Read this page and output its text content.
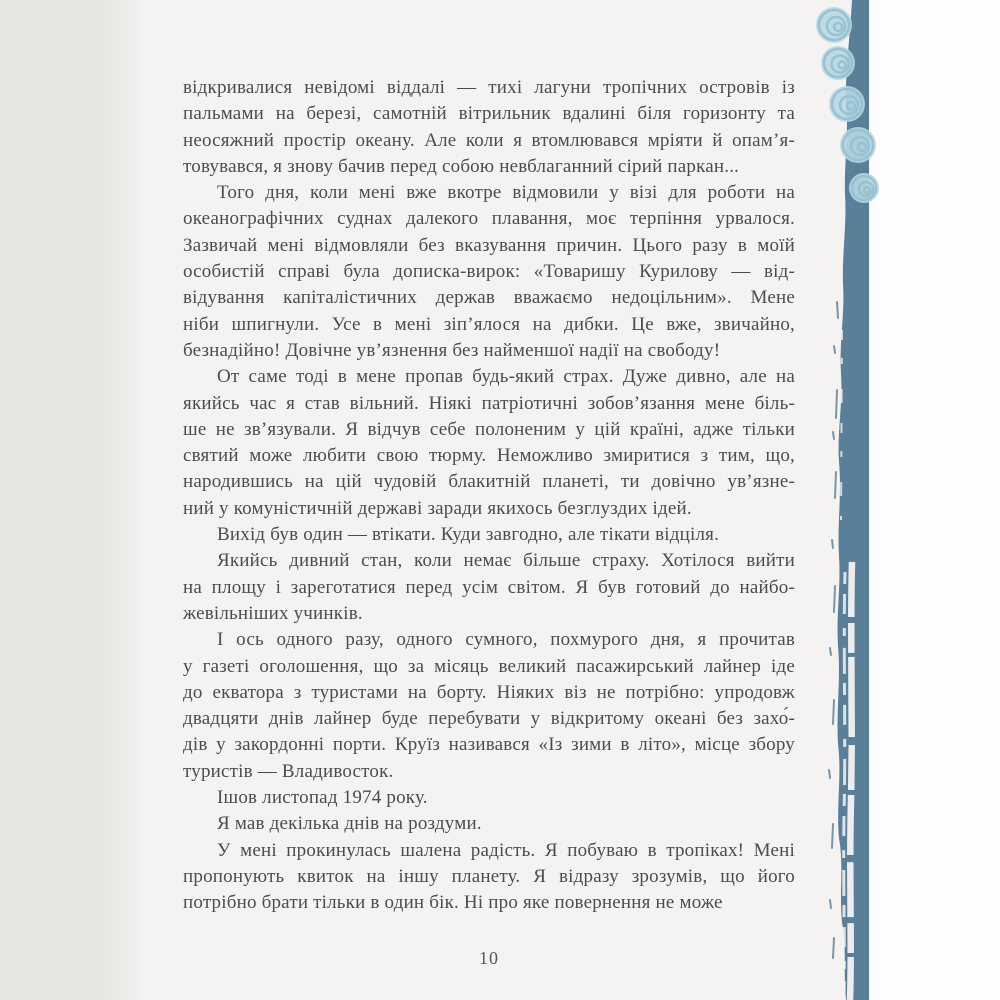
відкривалися невідомі віддалі — тихі лагуни тропічних островів із
пальмами на березі, самотній вітрильник вдалині біля горизонту та
неосяжний простір океану. Але коли я втомлювався мріяти й опам’я-
товувався, я знову бачив перед собою невблаганний сірий паркан...
Того дня, коли мені вже вкотре відмовили у візі для роботи на
океанографічних суднах далекого плавання, моє терпіння урвалося.
Зазвичай мені відмовляли без вказування причин. Цього разу в моїй
особистій справі була дописка-вирок: «Товаришу Курилову — від-
відування капіталістичних держав вважаємо недоцільним». Мене
ніби шпигнули. Усе в мені зіп’ялося на дибки. Це вже, звичайно,
безнадійно! Довічне ув’язнення без найменшої надії на свободу!
От саме тоді в мене пропав будь-який страх. Дуже дивно, але на
якийсь час я став вільний. Ніякі патріотичні зобов’язання мене біль-
ше не зв’язували. Я відчув себе полоненим у цій країні, адже тільки
святий може любити свою тюрму. Неможливо змиритися з тим, що,
народившись на цій чудовій блакитній планеті, ти довічно ув’язне-
ний у комуністичній державі заради якихось безглуздих ідей.
Вихід був один — втікати. Куди завгодно, але тікати відціля.
Якийсь дивний стан, коли немає більше страху. Хотілося вийти
на площу і зареготатися перед усім світом. Я був готовий до найбо-
жевільніших учинків.
І ось одного разу, одного сумного, похмурого дня, я прочитав
у газеті оголошення, що за місяць великий пасажирський лайнер іде
до екватора з туристами на борту. Ніяких віз не потрібно: упродовж
двадцяти днів лайнер буде перебувати у відкритому океані без захо́-
дів у закордонні порти. Круїз називався «Із зими в літо», місце збору
туристів — Владивосток.
Ішов листопад 1974 року.
Я мав декілька днів на роздуми.
У мені прокинулась шалена радість. Я побуваю в тропіках! Мені
пропонують квиток на іншу планету. Я відразу зрозумів, що його
потрібно брати тільки в один бік. Ні про яке повернення не може
10
